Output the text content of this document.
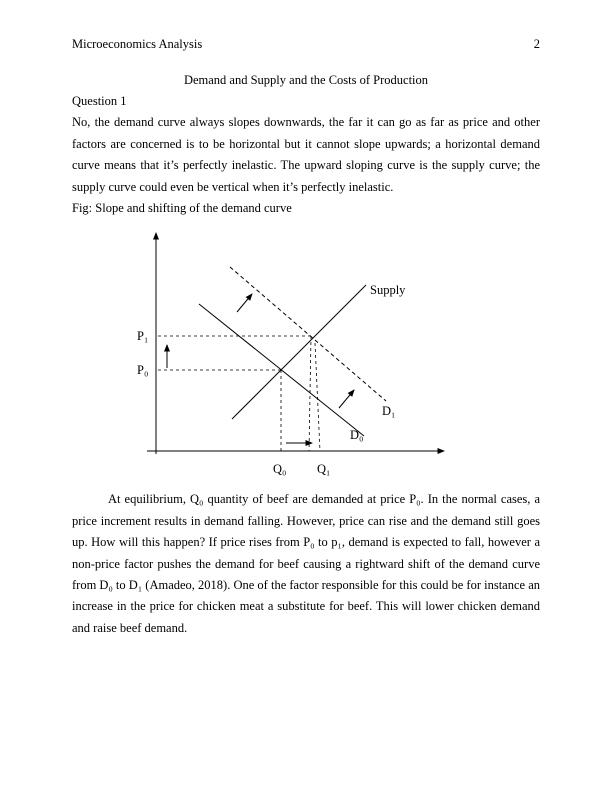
Microeconomics Analysis	2
Demand and Supply and the Costs of Production
Question 1

No, the demand curve always slopes downwards, the far it can go as far as price and other factors are concerned is to be horizontal but it cannot slope upwards; a horizontal demand curve means that it’s perfectly inelastic. The upward sloping curve is the supply curve; the supply curve could even be vertical when it’s perfectly inelastic.

Fig: Slope and shifting of the demand curve
Supply
P₁
P₀
D₁
D₀
Q₀ Q₁

At equilibrium, Q₀ quantity of beef are demanded at price P₀. In the normal cases, a price increment results in demand falling. However, price can rise and the demand still goes up. How will this happen? If price rises from P₀ to p₁, demand is expected to fall, however a non-price factor pushes the demand for beef causing a rightward shift of the demand curve from D₀ to D₁ (Amadeo, 2018). One of the factor responsible for this could be for instance an increase in the price for chicken meat a substitute for beef. This will lower chicken demand and raise beef demand.
